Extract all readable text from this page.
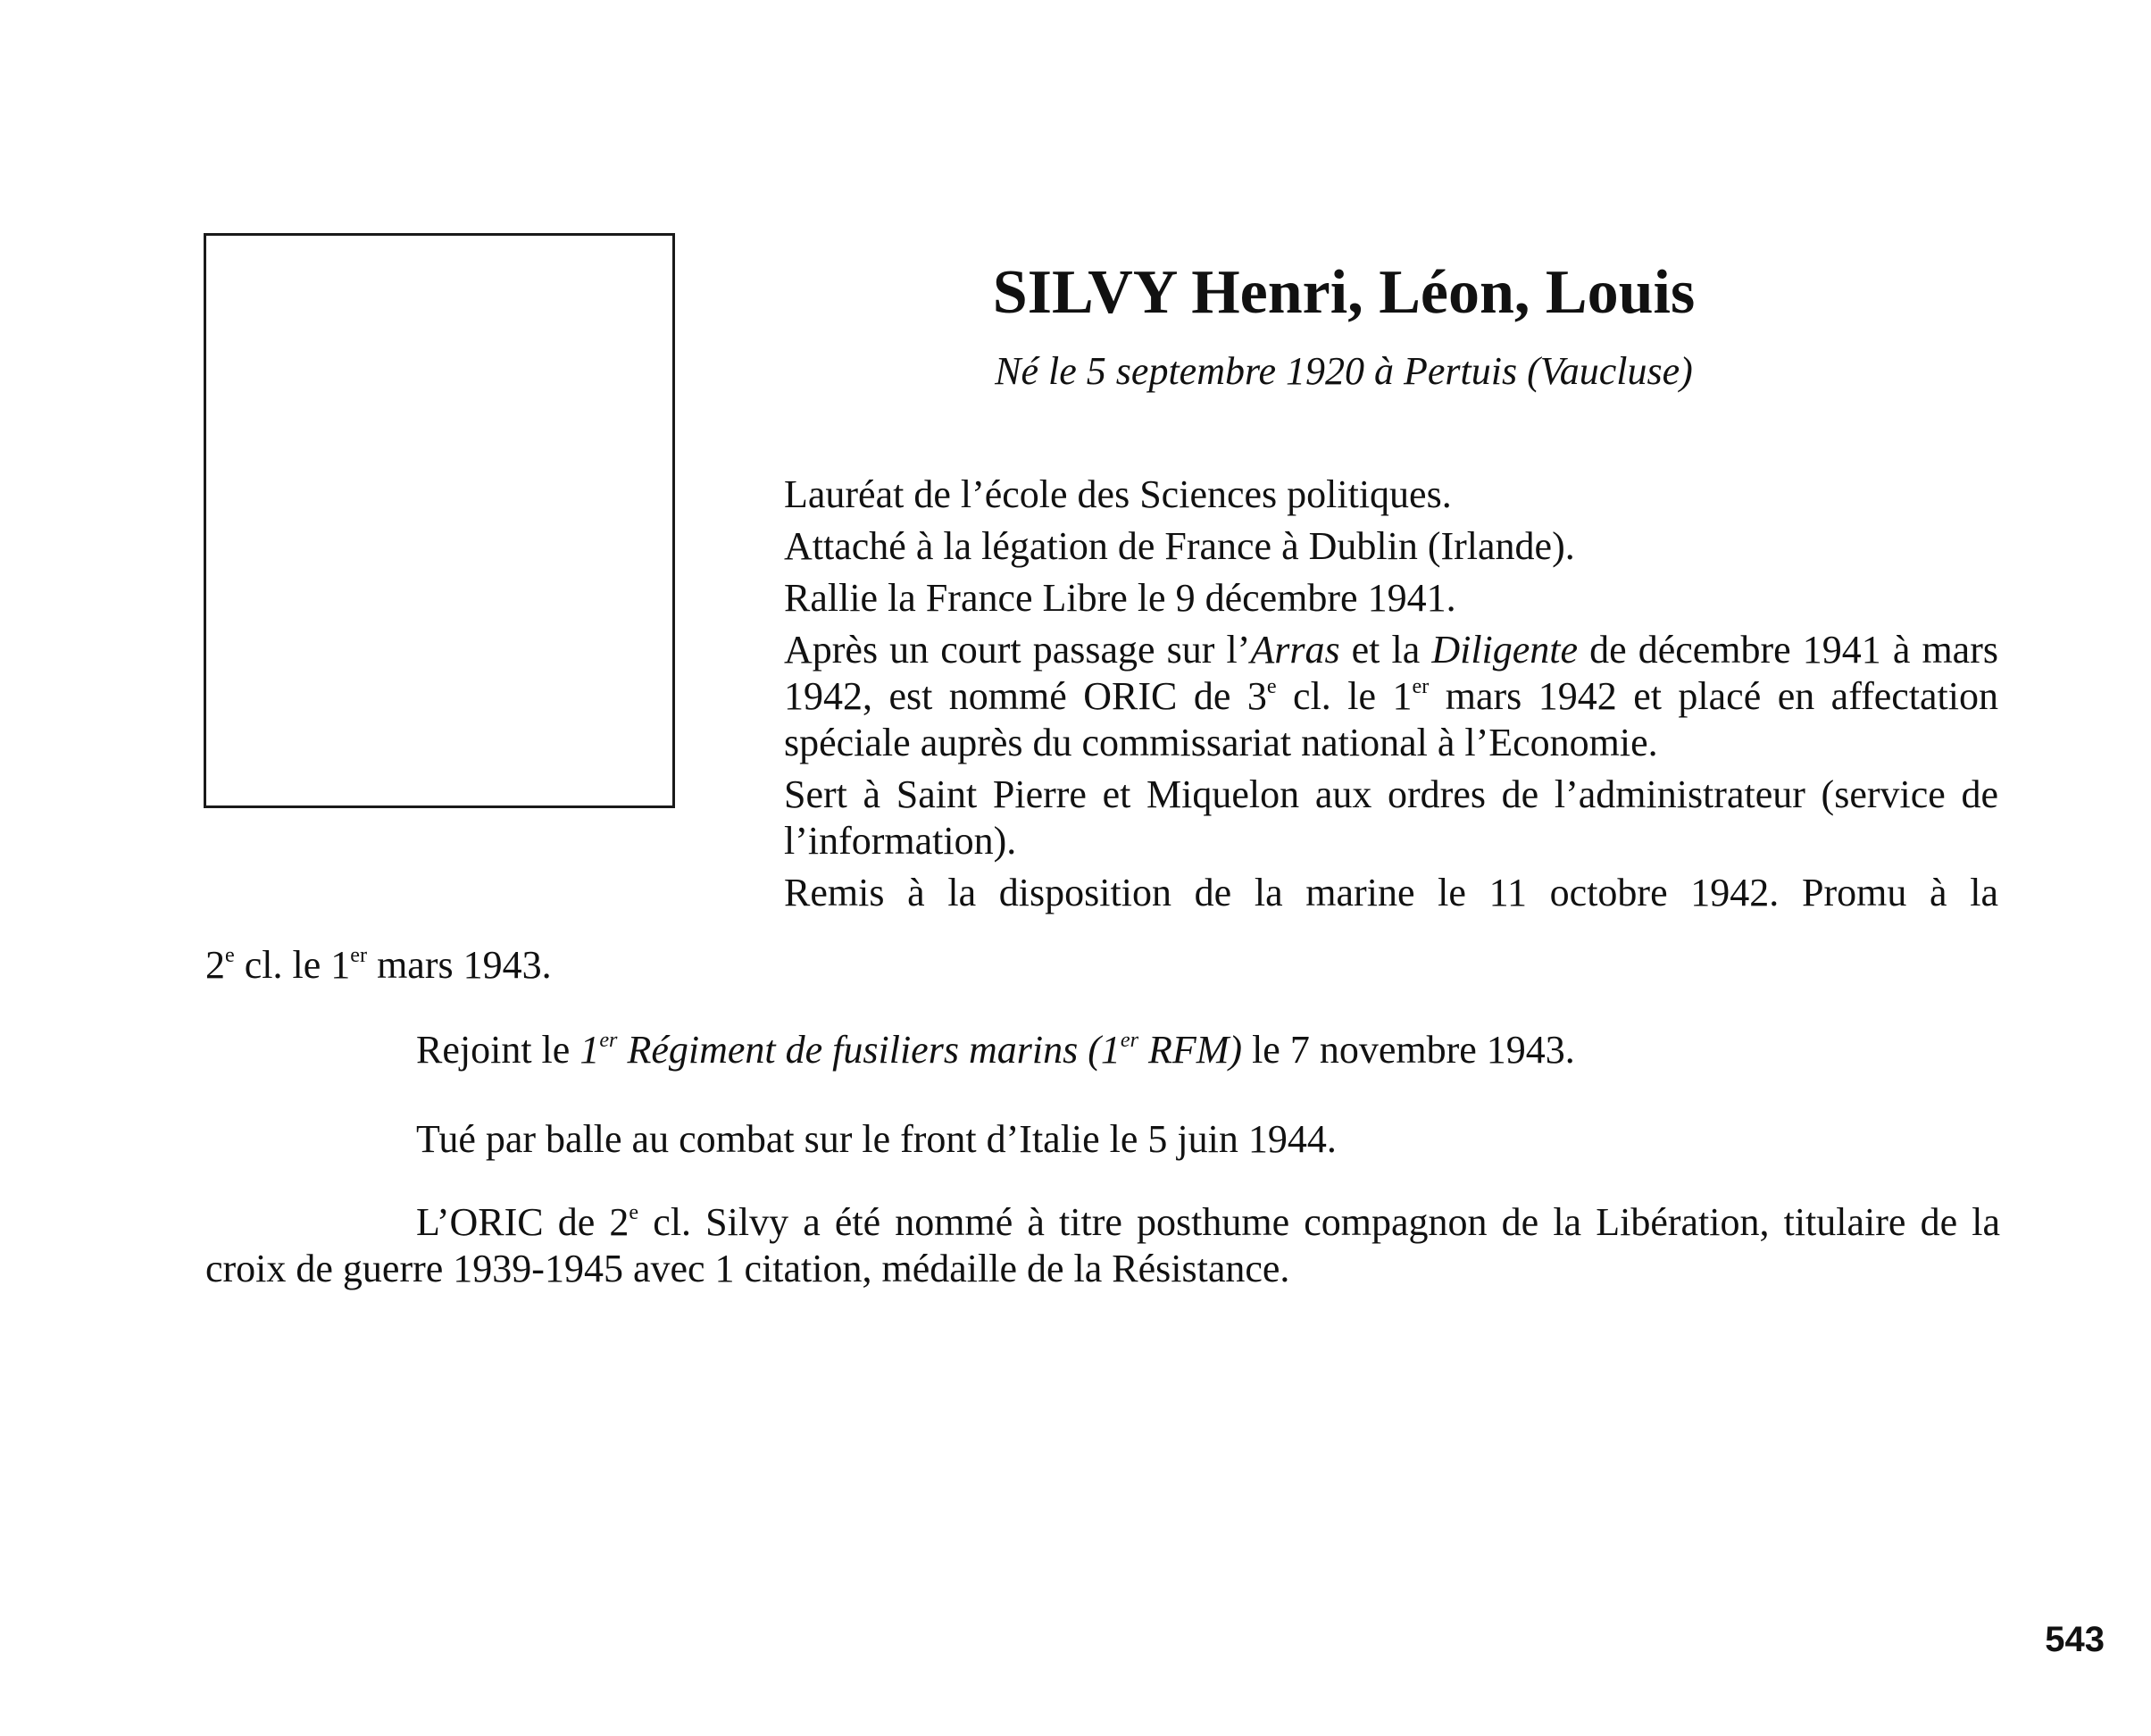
SILVY Henri, Léon, Louis
Né le 5 septembre 1920 à Pertuis (Vaucluse)

Lauréat de l’école des Sciences politiques.

Attaché à la légation de France à Dublin (Irlande).

Rallie la France Libre le 9 décembre 1941.

Après un court passage sur l’Arras et la Diligente de décembre 1941 à mars 1942, est nommé ORIC de 3e cl. le 1er mars 1942 et placé en affectation spéciale auprès du commissariat national à l’Economie.

Sert à Saint Pierre et Miquelon aux ordres de l’administrateur (service de l’information).

Remis à la disposition de la marine le 11 octobre 1942. Promu à la

2e cl. le 1er mars 1943.

Rejoint le 1er Régiment de fusiliers marins (1er RFM) le 7 novembre 1943.

Tué par balle au combat sur le front d’Italie le 5 juin 1944.

L’ORIC de 2e cl. Silvy a été nommé à titre posthume compagnon de la Libération, titulaire de la croix de guerre 1939-1945 avec 1 citation, médaille de la Résistance.

543
